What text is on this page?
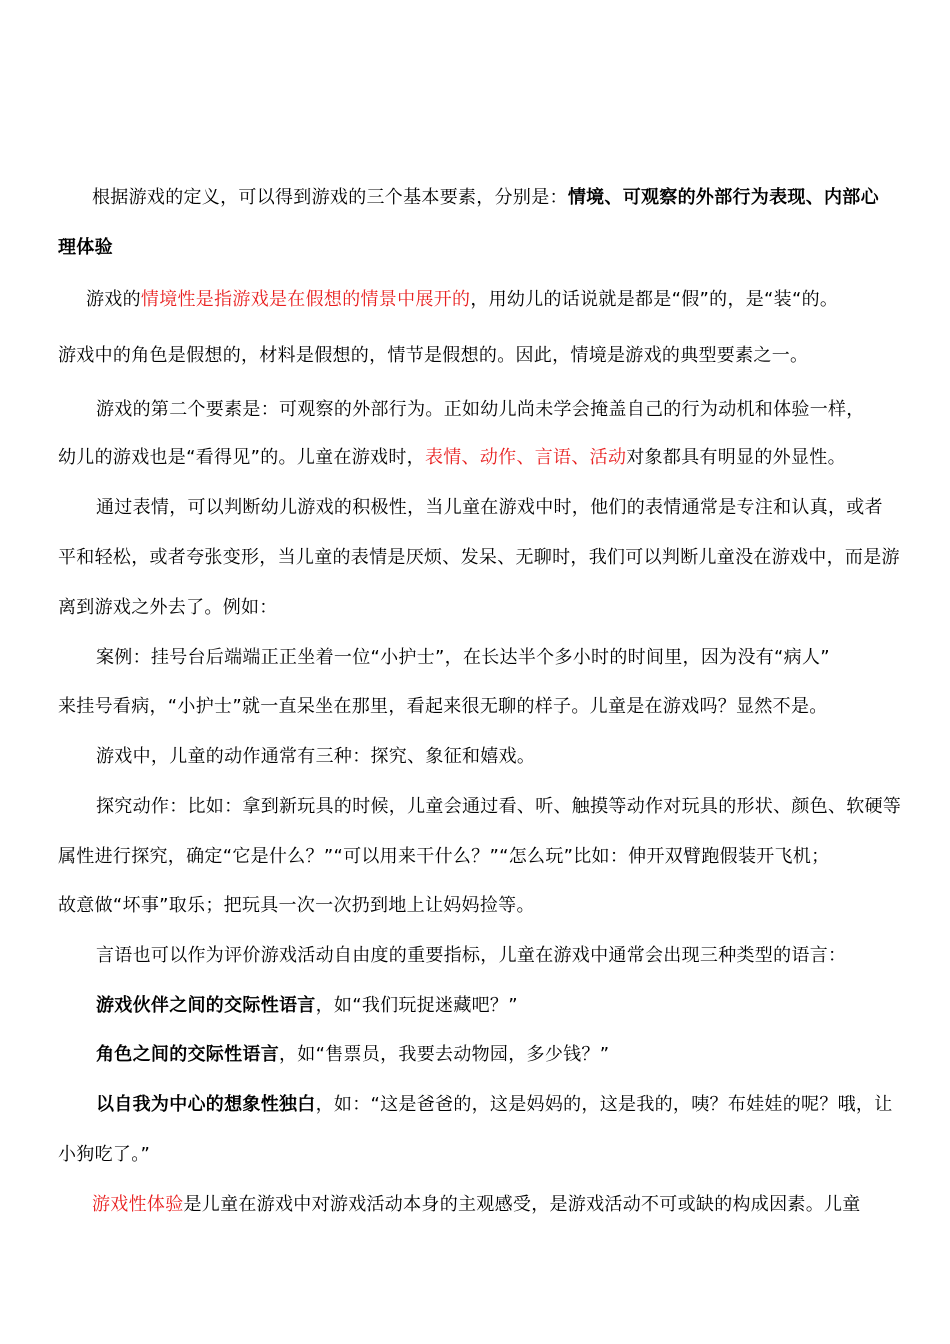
根据游戏的定义，可以得到游戏的三个基本要素，分别是：情境、可观察的外部行为表现、内部心
理体验
游戏的情境性是指游戏是在假想的情景中展开的，用幼儿的话说就是都是“假”的，是“装“的。
游戏中的角色是假想的，材料是假想的，情节是假想的。因此，情境是游戏的典型要素之一。
游戏的第二个要素是：可观察的外部行为。正如幼儿尚未学会掩盖自己的行为动机和体验一样，
幼儿的游戏也是“看得见”的。儿童在游戏时，表情、动作、言语、活动对象都具有明显的外显性。
通过表情，可以判断幼儿游戏的积极性，当儿童在游戏中时，他们的表情通常是专注和认真，或者
平和轻松，或者夸张变形，当儿童的表情是厌烦、发呆、无聊时，我们可以判断儿童没在游戏中，而是游
离到游戏之外去了。例如：
案例：挂号台后端端正正坐着一位“小护士”，在长达半个多小时的时间里，因为没有“病人”
来挂号看病，“小护士”就一直呆坐在那里，看起来很无聊的样子。儿童是在游戏吗？显然不是。
游戏中，儿童的动作通常有三种：探究、象征和嬉戏。
探究动作：比如：拿到新玩具的时候，儿童会通过看、听、触摸等动作对玩具的形状、颜色、软硬等
属性进行探究，确定“它是什么？”“可以用来干什么？”“怎么玩”比如：伸开双臂跑假装开飞机；
故意做“坏事”取乐；把玩具一次一次扔到地上让妈妈捡等。
言语也可以作为评价游戏活动自由度的重要指标，儿童在游戏中通常会出现三种类型的语言：
游戏伙伴之间的交际性语言，如“我们玩捉迷藏吧？”
角色之间的交际性语言，如“售票员，我要去动物园，多少钱？”
以自我为中心的想象性独白，如：“这是爸爸的，这是妈妈的，这是我的，咦？布娃娃的呢？哦，让
小狗吃了。”
游戏性体验是儿童在游戏中对游戏活动本身的主观感受，是游戏活动不可或缺的构成因素。儿童
